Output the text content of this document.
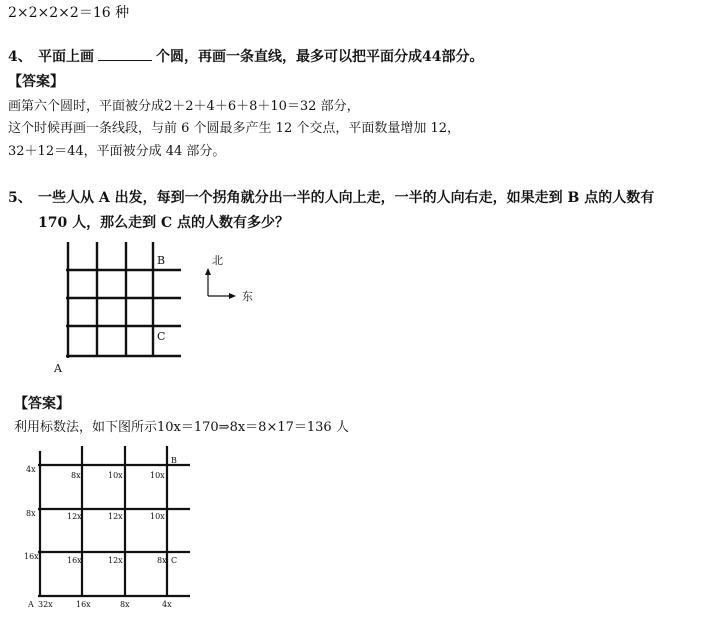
2×2×2×2＝16 种
4、 平面上画	个圆，再画一条直线，最多可以把平面分成44部分。
【答案】
画第六个圆时，平面被分成2＋2＋4＋6＋8＋10＝32 部分，
这个时候再画一条线段，与前 6 个圆最多产生 12 个交点，平面数量增加 12，
32＋12＝44，平面被分成 44 部分。
5、 一些人从 A 出发，每到一个拐角就分出一半的人向上走，一半的人向右走，如果走到 B 点的人数有
170 人，那么走到 C 点的人数有多少？
A
B
C
北
东
A
B
C
4x
8x
16x
32x	16x	8x	4x
8x	10x	10x
12x	12x	10x
16x	12x	8x
【答案】
利用标数法，如下图所示10x＝170⇒8x＝8×17＝136 人
